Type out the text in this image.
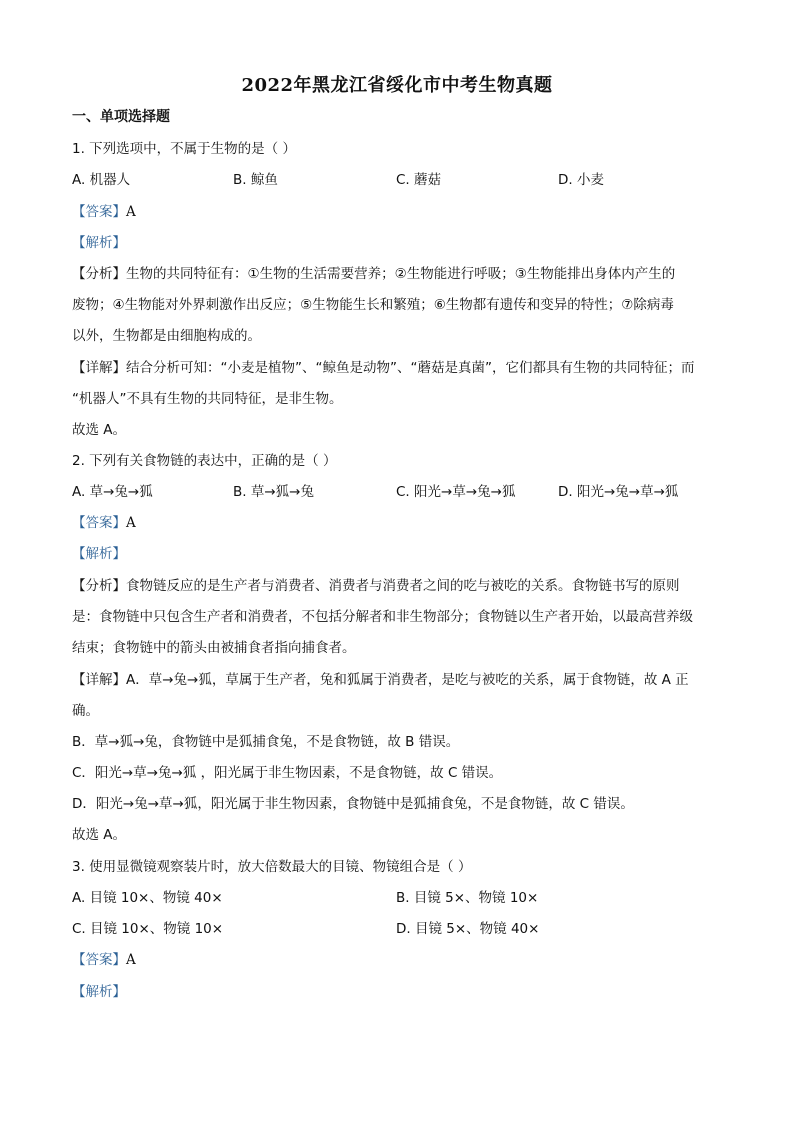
2022年黑龙江省绥化市中考生物真题
一、单项选择题
1. 下列选项中，不属于生物的是（ ）
A. 机器人	B. 鲸鱼	C. 蘑菇	D. 小麦
【答案】A
【解析】
【分析】生物的共同特征有：①生物的生活需要营养；②生物能进行呼吸；③生物能排出身体内产生的
废物；④生物能对外界刺激作出反应；⑤生物能生长和繁殖；⑥生物都有遗传和变异的特性；⑦除病毒
以外，生物都是由细胞构成的。
【详解】结合分析可知：“小麦是植物”、“鲸鱼是动物”、“蘑菇是真菌”，它们都具有生物的共同特征；而
“机器人”不具有生物的共同特征，是非生物。
故选 A。
2. 下列有关食物链的表达中，正确的是（ ）
A. 草→兔→狐	B. 草→狐→兔	C. 阳光→草→兔→狐	D. 阳光→兔→草→狐
【答案】A
【解析】
【分析】食物链反应的是生产者与消费者、消费者与消费者之间的吃与被吃的关系。食物链书写的原则
是：食物链中只包含生产者和消费者，不包括分解者和非生物部分；食物链以生产者开始，以最高营养级
结束；食物链中的箭头由被捕食者指向捕食者。
【详解】A．草→兔→狐，草属于生产者，兔和狐属于消费者，是吃与被吃的关系，属于食物链，故 A 正
确。
B．草→狐→兔，食物链中是狐捕食兔，不是食物链，故 B 错误。
C．阳光→草→兔→狐 ，阳光属于非生物因素，不是食物链，故 C 错误。
D．阳光→兔→草→狐，阳光属于非生物因素，食物链中是狐捕食兔，不是食物链，故 C 错误。
故选 A。
3. 使用显微镜观察装片时，放大倍数最大的目镜、物镜组合是（ ）
A. 目镜 10×、物镜 40×	B. 目镜 5×、物镜 10×
C. 目镜 10×、物镜 10×	D. 目镜 5×、物镜 40×
【答案】A
【解析】
